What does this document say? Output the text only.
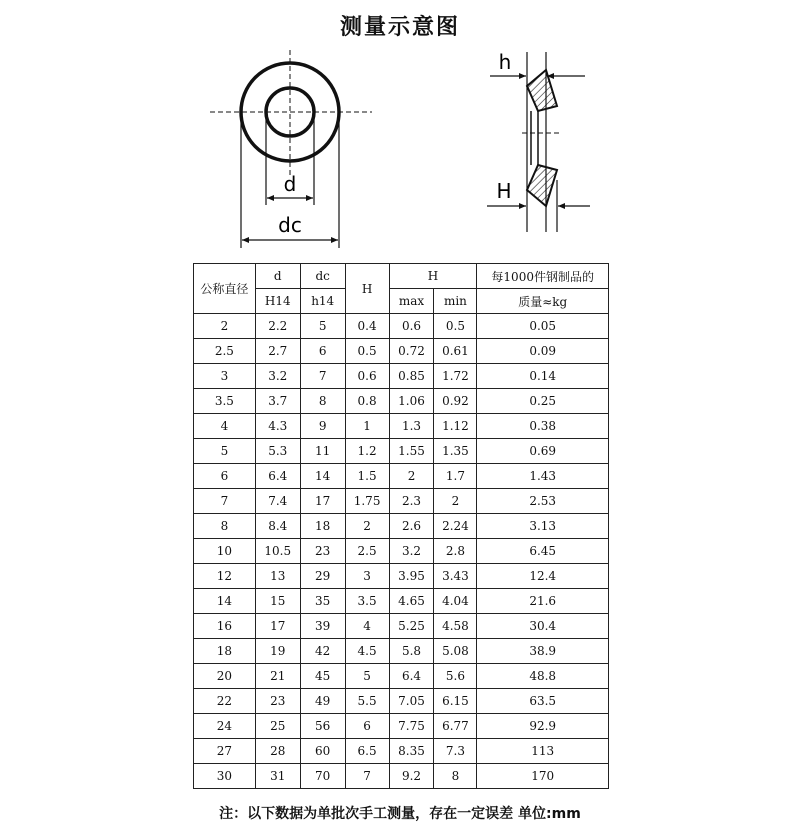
测量示意图
d
dc
h
H
公称直径	d	dc	H	H		每1000件钢制品的
	H14	h14		max	min	质量≈kg
2	2.2	5	0.4	0.6	0.5	0.05
2.5	2.7	6	0.5	0.72	0.61	0.09
3	3.2	7	0.6	0.85	1.72	0.14
3.5	3.7	8	0.8	1.06	0.92	0.25
4	4.3	9	1	1.3	1.12	0.38
5	5.3	11	1.2	1.55	1.35	0.69
6	6.4	14	1.5	2	1.7	1.43
7	7.4	17	1.75	2.3	2	2.53
8	8.4	18	2	2.6	2.24	3.13
10	10.5	23	2.5	3.2	2.8	6.45
12	13	29	3	3.95	3.43	12.4
14	15	35	3.5	4.65	4.04	21.6
16	17	39	4	5.25	4.58	30.4
18	19	42	4.5	5.8	5.08	38.9
20	21	45	5	6.4	5.6	48.8
22	23	49	5.5	7.05	6.15	63.5
24	25	56	6	7.75	6.77	92.9
27	28	60	6.5	8.35	7.3	113
30	31	70	7	9.2	8	170
注：以下数据为单批次手工测量，存在一定误差 单位:mm
